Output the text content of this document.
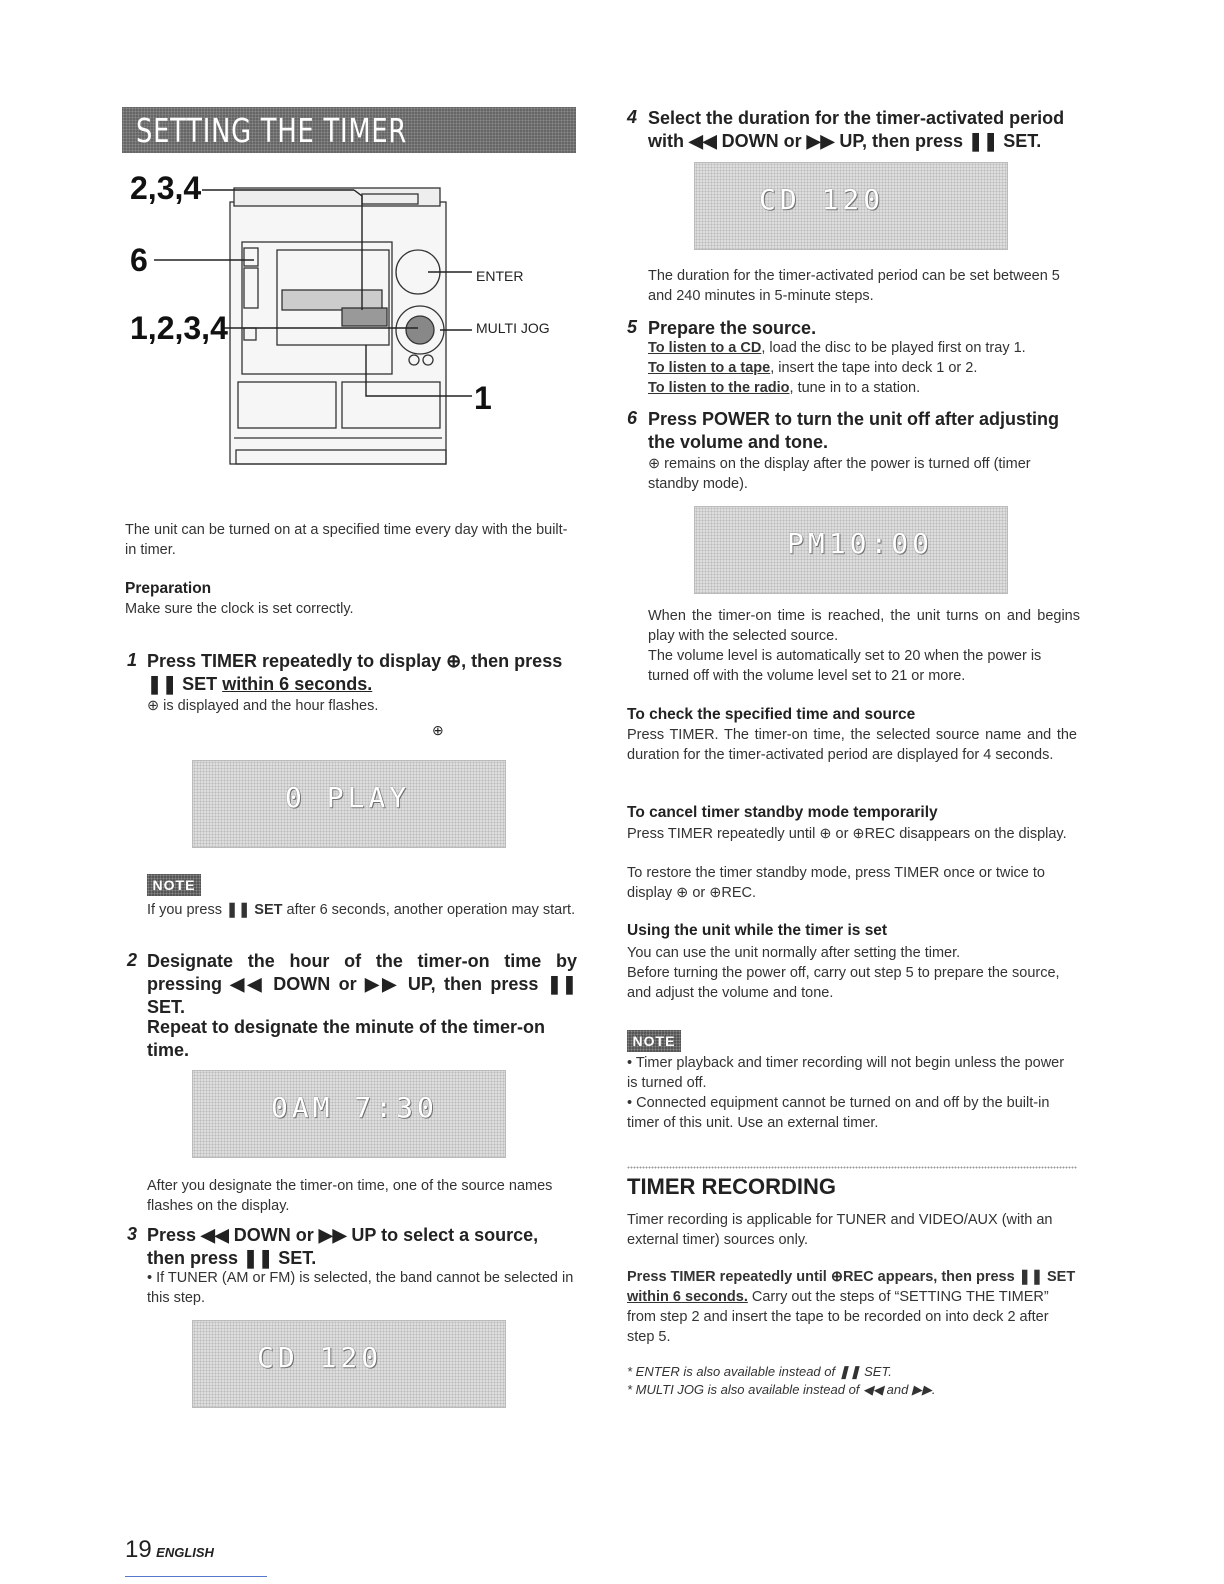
SETTING THE TIMER
2,3,4
6
1,2,3,4
1
ENTER
MULTI JOG
The unit can be turned on at a specified time every day with the built-in timer.
Preparation
Make sure the clock is set correctly.
1 Press TIMER repeatedly to display ⊕, then press ❚❚ SET within 6 seconds.
⊕ is displayed and the hour flashes.
⊕
0 PLAY
NOTE
If you press ❚❚ SET after 6 seconds, another operation may start.
2 Designate the hour of the timer-on time by pressing ◀◀ DOWN or ▶▶ UP, then press ❚❚ SET.
Repeat to designate the minute of the timer-on time.
0AM 7:30
After you designate the timer-on time, one of the source names flashes on the display.
3 Press ◀◀ DOWN or ▶▶ UP to select a source, then press ❚❚ SET.
• If TUNER (AM or FM) is selected, the band cannot be selected in this step.
CD 120
4 Select the duration for the timer-activated period with ◀◀ DOWN or ▶▶ UP, then press ❚❚ SET.
CD 120
The duration for the timer-activated period can be set between 5 and 240 minutes in 5-minute steps.
5 Prepare the source.
To listen to a CD, load the disc to be played first on tray 1.
To listen to a tape, insert the tape into deck 1 or 2.
To listen to the radio, tune in to a station.
6 Press POWER to turn the unit off after adjusting the volume and tone.
⊕ remains on the display after the power is turned off (timer standby mode).
PM10:00
When the timer-on time is reached, the unit turns on and begins play with the selected source.
The volume level is automatically set to 20 when the power is turned off with the volume level set to 21 or more.
To check the specified time and source
Press TIMER. The timer-on time, the selected source name and the duration for the timer-activated period are displayed for 4 seconds.
To cancel timer standby mode temporarily
Press TIMER repeatedly until ⊕ or ⊕REC disappears on the display.
To restore the timer standby mode, press TIMER once or twice to display ⊕ or ⊕REC.
Using the unit while the timer is set
You can use the unit normally after setting the timer.
Before turning the power off, carry out step 5 to prepare the source, and adjust the volume and tone.
NOTE
• Timer playback and timer recording will not begin unless the power is turned off.
• Connected equipment cannot be turned on and off by the built-in timer of this unit. Use an external timer.
TIMER RECORDING
Timer recording is applicable for TUNER and VIDEO/AUX (with an external timer) sources only.
Press TIMER repeatedly until ⊕REC appears, then press ❚❚ SET within 6 seconds. Carry out the steps of “SETTING THE TIMER” from step 2 and insert the tape to be recorded on into deck 2 after step 5.
* ENTER is also available instead of ❚❚ SET.
* MULTI JOG is also available instead of ◀◀ and ▶▶.
19 ENGLISH
